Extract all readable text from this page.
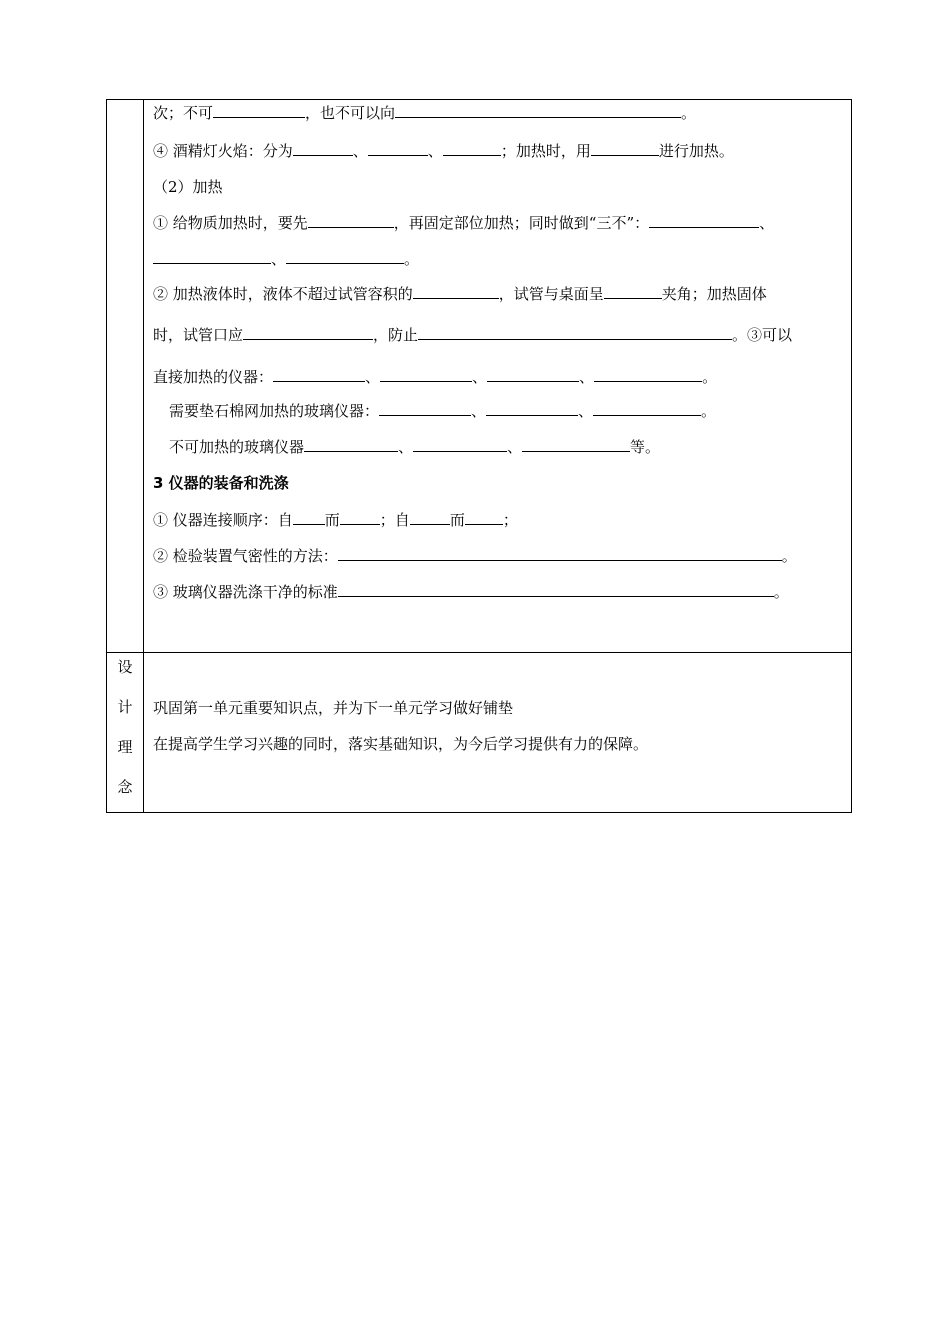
次；不可	，也不可以向	。
④ 酒精灯火焰：分为	、	、	；加热时，用	进行加热。
（2）加热
① 给物质加热时，要先	，再固定部位加热；同时做到“三不”：	、
、	。
② 加热液体时，液体不超过试管容积的	，试管与桌面呈	夹角；加热固体
时，试管口应	，防止	。③可以
直接加热的仪器：	、	、	、	。
需要垫石棉网加热的玻璃仪器：	、	、	。
不可加热的玻璃仪器	、	、	等。
3 仪器的装备和洗涤
① 仪器连接顺序：自 而	；自	而	；
② 检验装置气密性的方法：	。
③ 玻璃仪器洗涤干净的标准	。
设
计
理
念
巩固第一单元重要知识点，并为下一单元学习做好铺垫
在提高学生学习兴趣的同时，落实基础知识，为今后学习提供有力的保障。
